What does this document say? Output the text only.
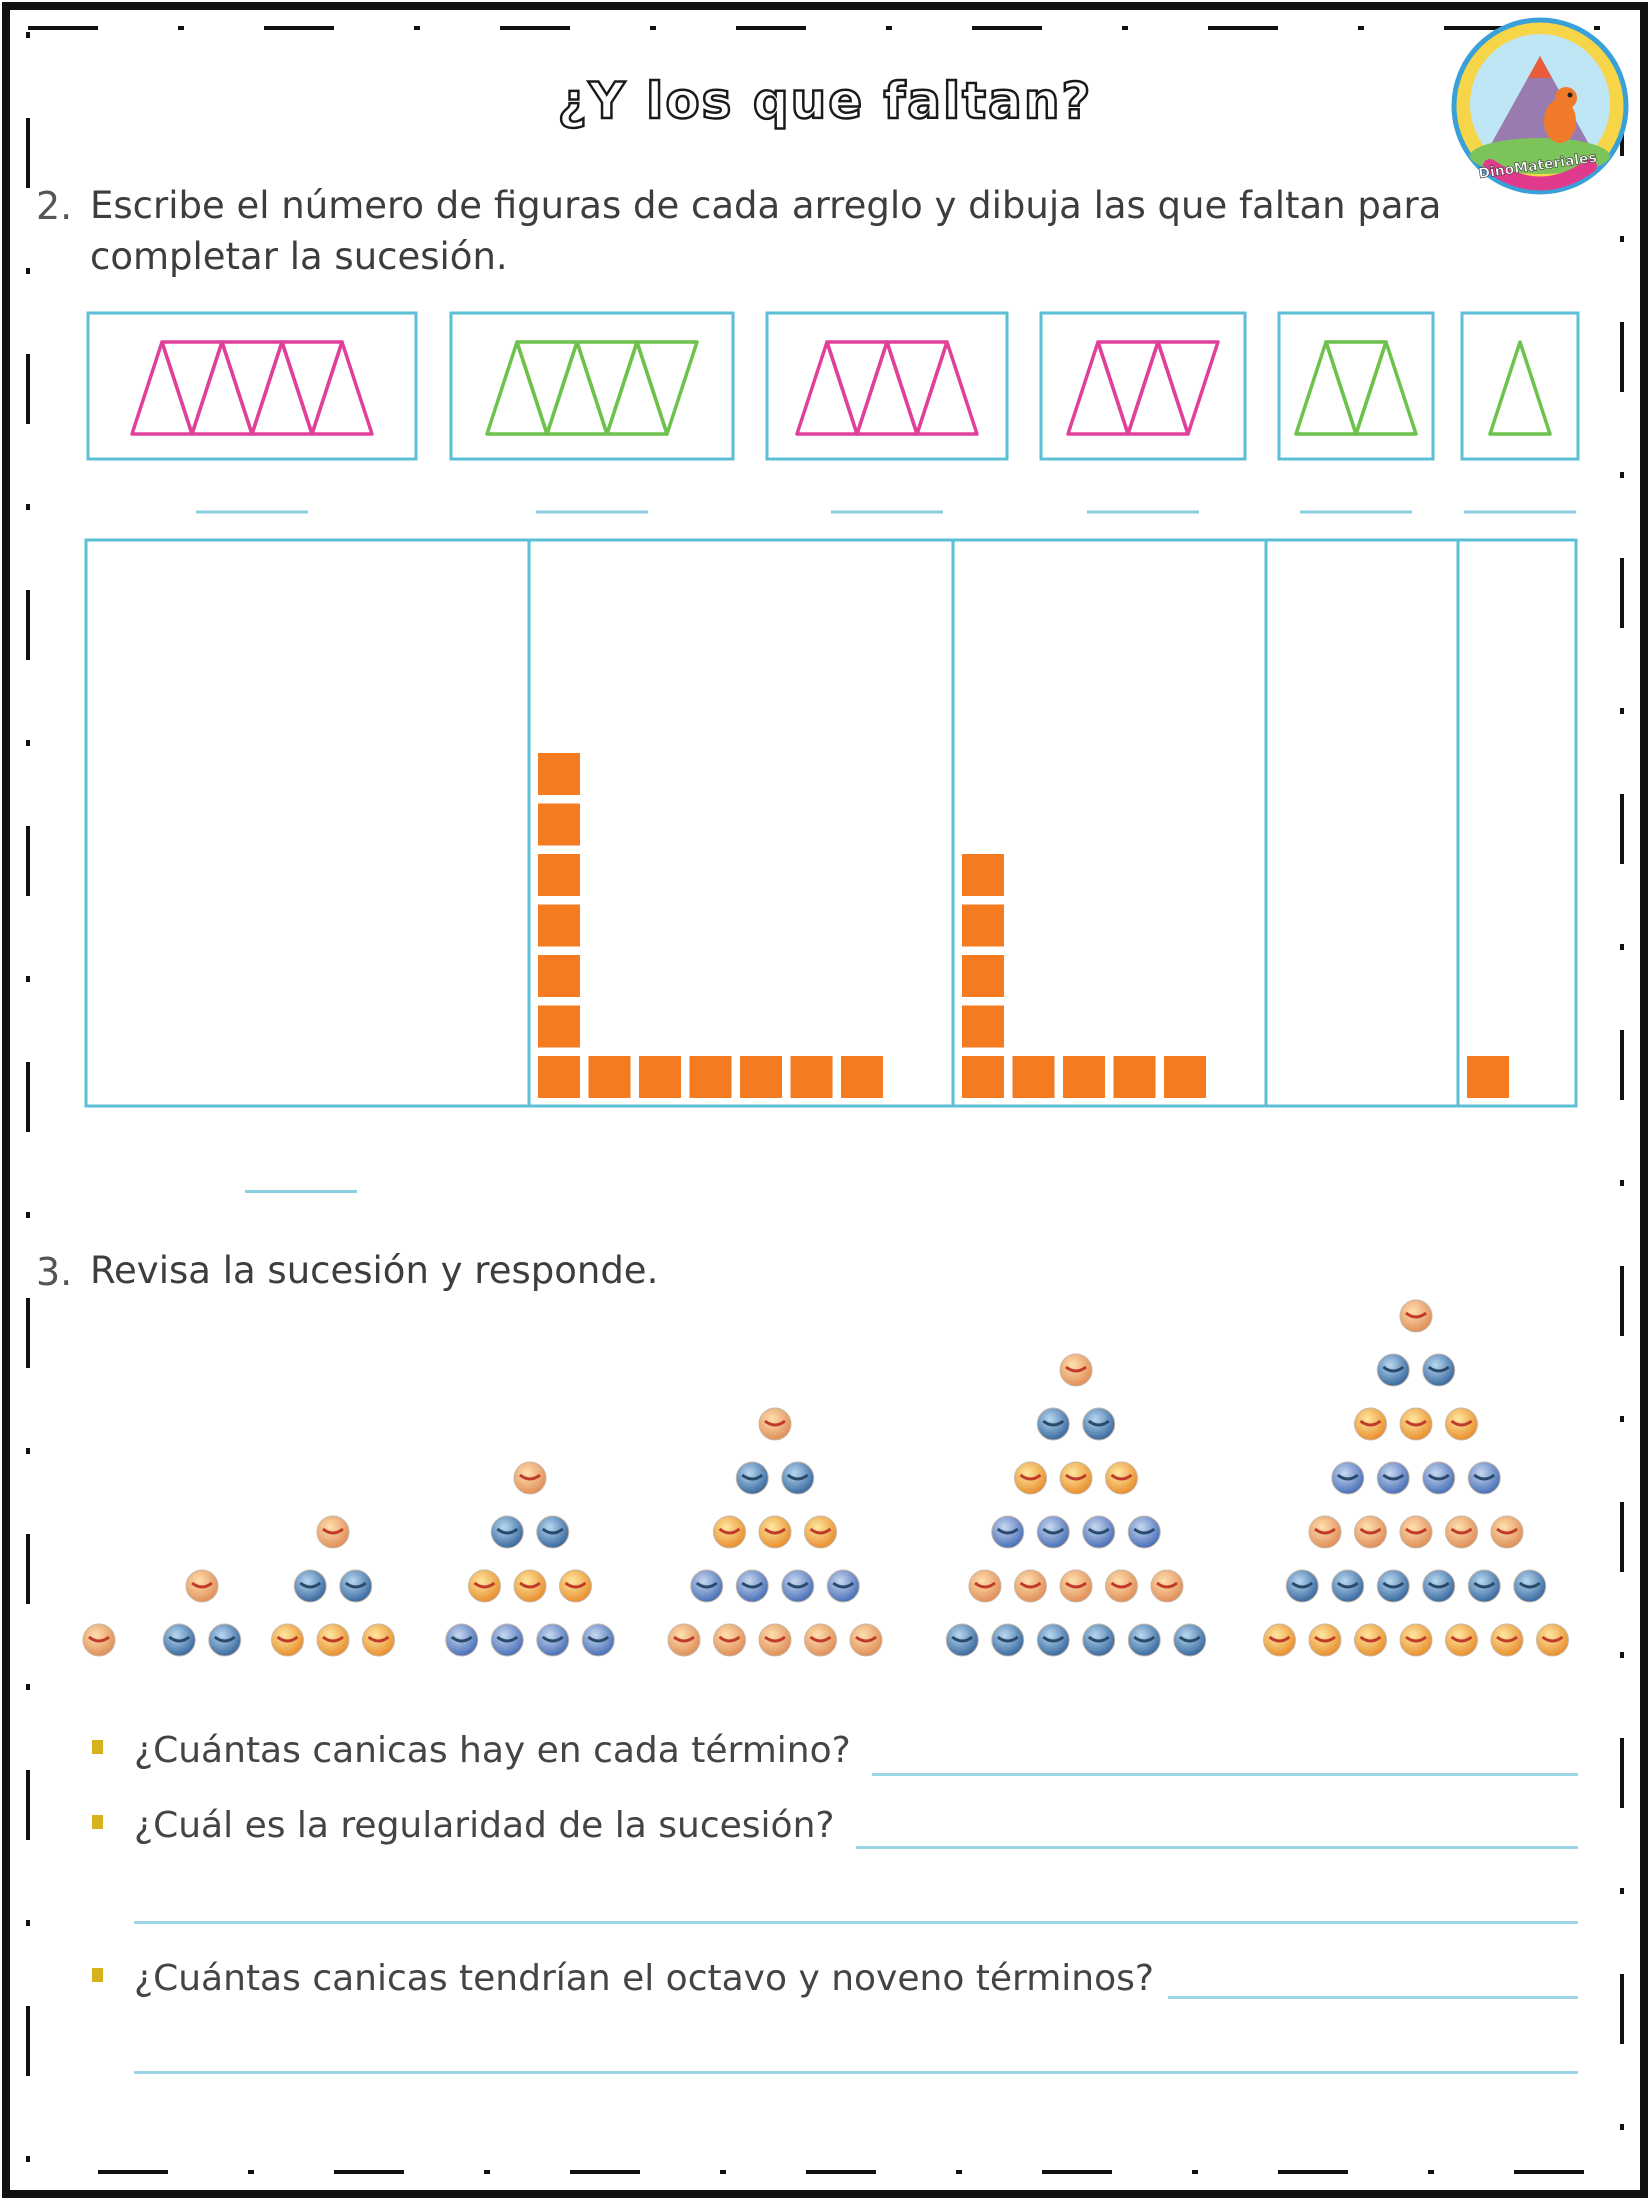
¿Y los que faltan?
DinoMateriales
2. Escribe el número de figuras de cada arreglo y dibuja las que faltan para
completar la sucesión.
3. Revisa la sucesión y responde.
¿Cuántas canicas hay en cada término?
¿Cuál es la regularidad de la sucesión?
¿Cuántas canicas tendrían el octavo y noveno términos?
